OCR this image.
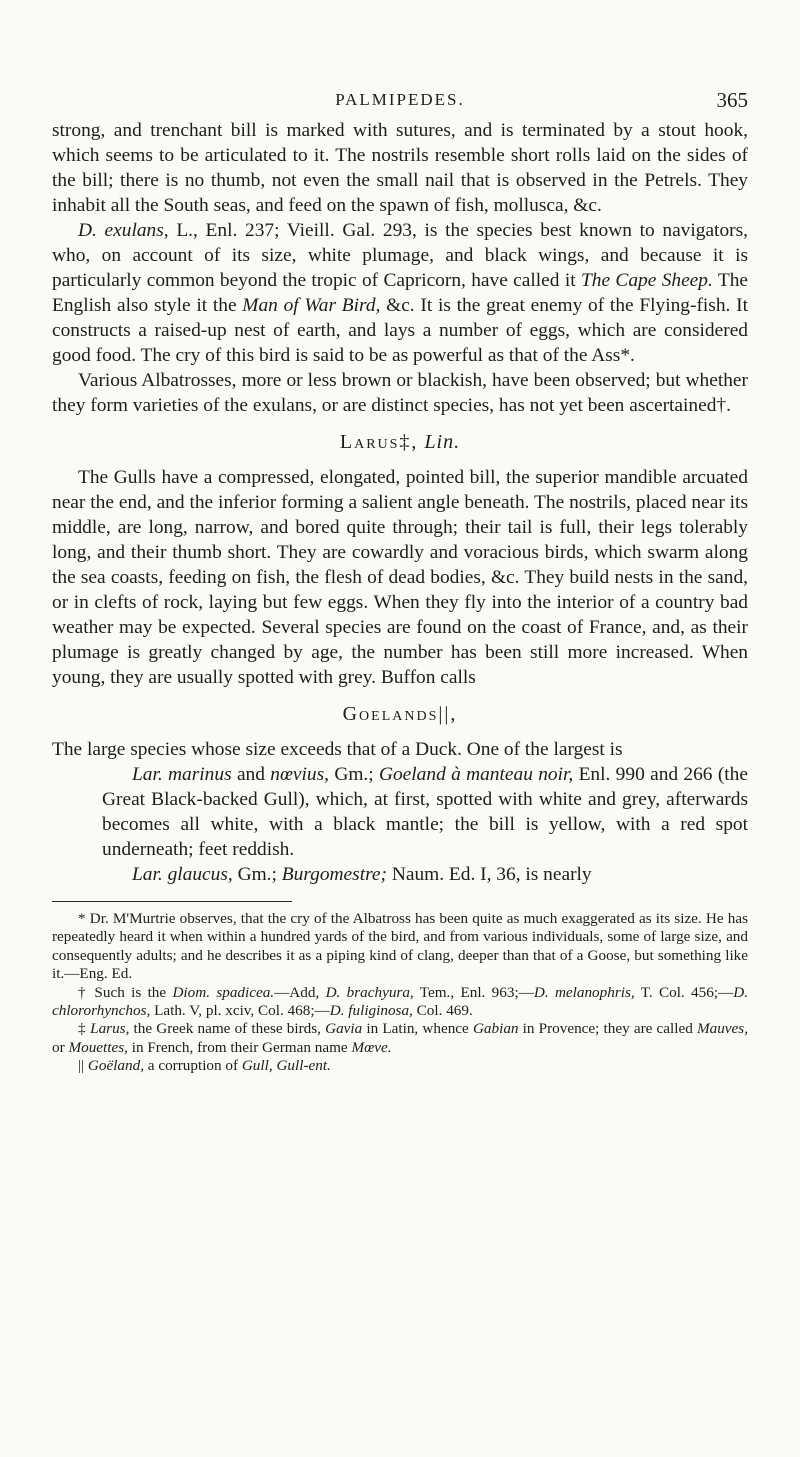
PALMIPEDES.	365

strong, and trenchant bill is marked with sutures, and is terminated by a stout hook, which seems to be articulated to it. The nostrils resemble short rolls laid on the sides of the bill; there is no thumb, not even the small nail that is observed in the Petrels. They inhabit all the South seas, and feed on the spawn of fish, mollusca, &c.

D. exulans, L., Enl. 237; Vieill. Gal. 293, is the species best known to navigators, who, on account of its size, white plumage, and black wings, and because it is particularly common beyond the tropic of Capricorn, have called it The Cape Sheep. The English also style it the Man of War Bird, &c. It is the great enemy of the Flying-fish. It constructs a raised-up nest of earth, and lays a number of eggs, which are considered good food. The cry of this bird is said to be as powerful as that of the Ass*.

Various Albatrosses, more or less brown or blackish, have been observed; but whether they form varieties of the exulans, or are distinct species, has not yet been ascertained†.

Larus‡, Lin.

The Gulls have a compressed, elongated, pointed bill, the superior mandible arcuated near the end, and the inferior forming a salient angle beneath. The nostrils, placed near its middle, are long, narrow, and bored quite through; their tail is full, their legs tolerably long, and their thumb short. They are cowardly and voracious birds, which swarm along the sea coasts, feeding on fish, the flesh of dead bodies, &c. They build nests in the sand, or in clefts of rock, laying but few eggs. When they fly into the interior of a country bad weather may be expected. Several species are found on the coast of France, and, as their plumage is greatly changed by age, the number has been still more increased. When young, they are usually spotted with grey. Buffon calls

Goelands||,

The large species whose size exceeds that of a Duck. One of the largest is

Lar. marinus and nœvius, Gm.; Goeland à manteau noir, Enl. 990 and 266 (the Great Black-backed Gull), which, at first, spotted with white and grey, afterwards becomes all white, with a black mantle; the bill is yellow, with a red spot underneath; feet reddish.

Lar. glaucus, Gm.; Burgomestre; Naum. Ed. I, 36, is nearly

* Dr. M'Murtrie observes, that the cry of the Albatross has been quite as much exaggerated as its size. He has repeatedly heard it when within a hundred yards of the bird, and from various individuals, some of large size, and consequently adults; and he describes it as a piping kind of clang, deeper than that of a Goose, but something like it.—Eng. Ed.

† Such is the Diom. spadicea.—Add, D. brachyura, Tem., Enl. 963;—D. melanophris, T. Col. 456;—D. chlororhynchos, Lath. V, pl. xciv, Col. 468;—D. fuliginosa, Col. 469.

‡ Larus, the Greek name of these birds, Gavia in Latin, whence Gabian in Provence; they are called Mauves, or Mouettes, in French, from their German name Mœve.

|| Goëland, a corruption of Gull, Gull-ent.
